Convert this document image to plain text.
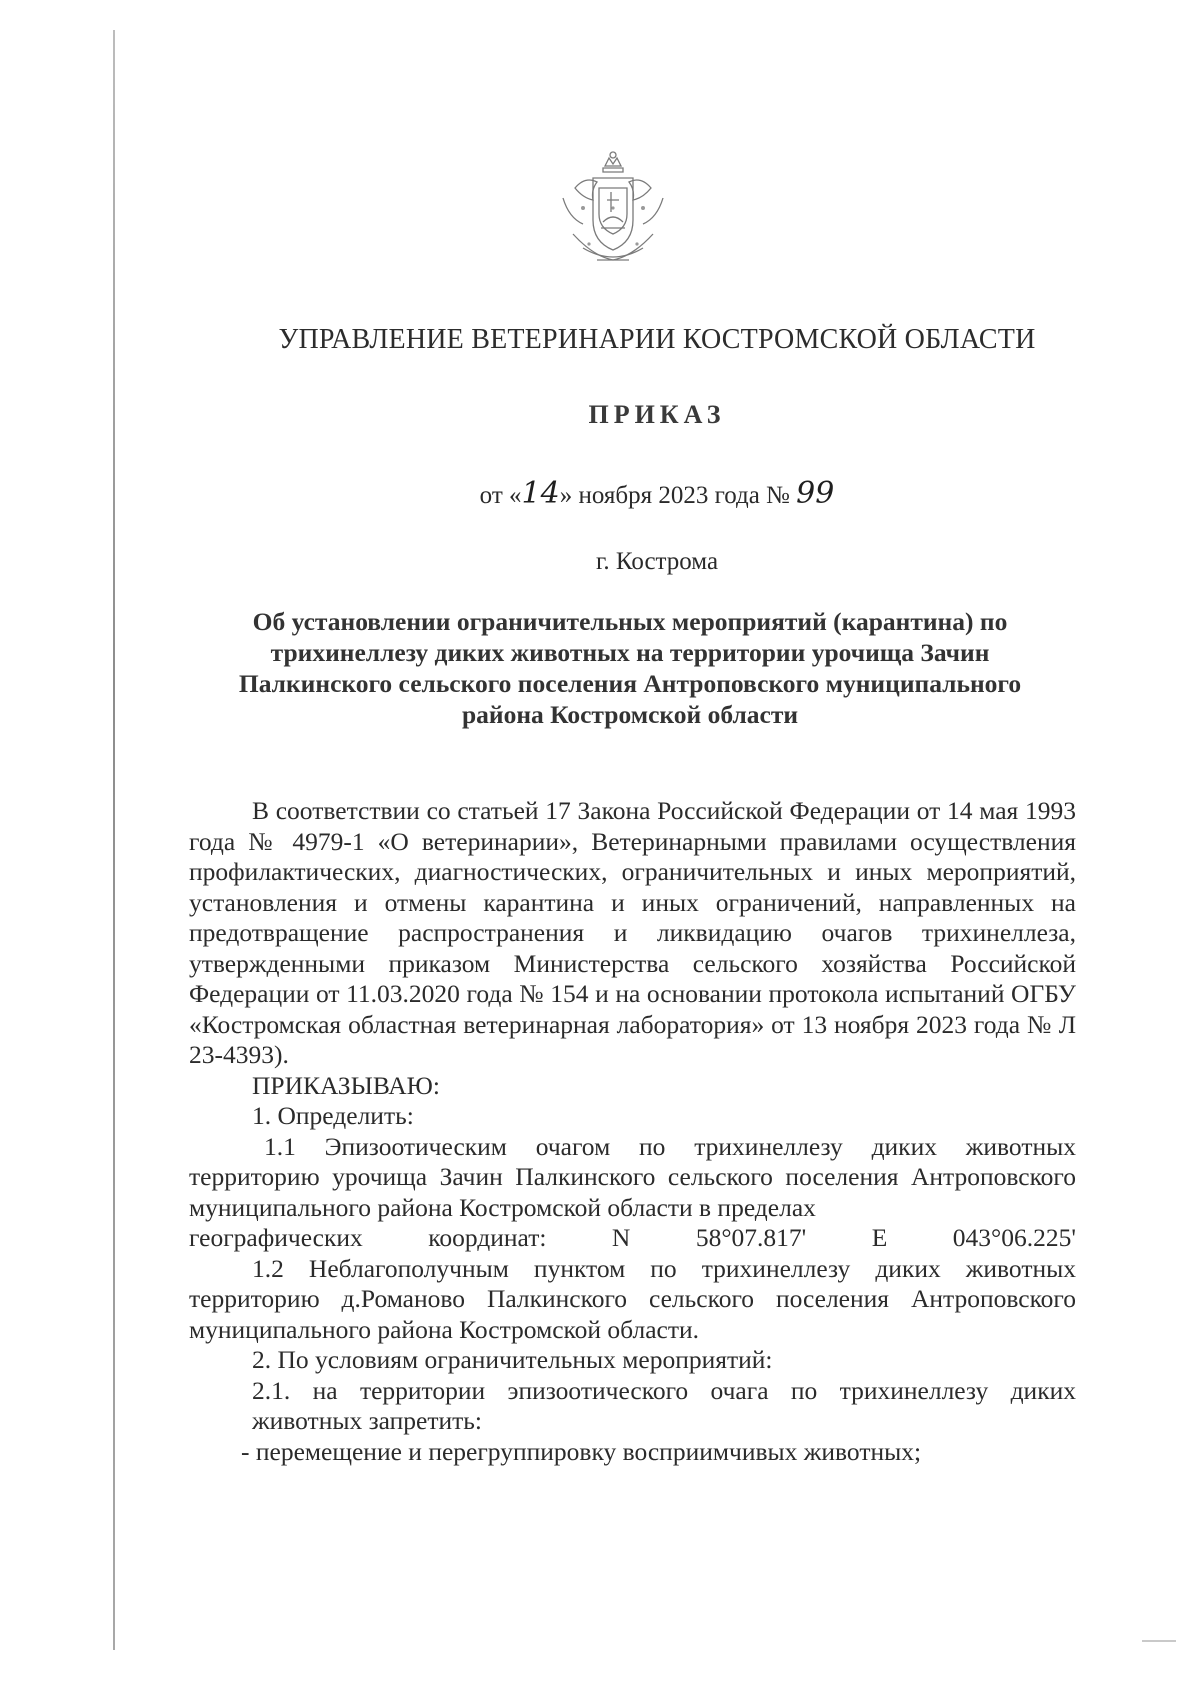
УПРАВЛЕНИЕ ВЕТЕРИНАРИИ КОСТРОМСКОЙ ОБЛАСТИ
ПРИКАЗ
от «14» ноября 2023 года № 99
г. Кострома
Об установлении ограничительных мероприятий (карантина) по
трихинеллезу диких животных на территории урочища Зачин
Палкинского сельского поселения Антроповского муниципального
района Костромской области

В соответствии со статьей 17 Закона Российской Федерации от 14 мая 1993 года № 4979-1 «О ветеринарии», Ветеринарными правилами осуществления профилактических, диагностических, ограничительных и иных мероприятий, установления и отмены карантина и иных ограничений, направленных на предотвращение распространения и ликвидацию очагов трихинеллеза, утвержденными приказом Министерства сельского хозяйства Российской Федерации от 11.03.2020 года № 154 и на основании протокола испытаний ОГБУ «Костромская областная ветеринарная лаборатория» от 13 ноября 2023 года № Л 23-4393).

ПРИКАЗЫВАЮ:

1. Определить:

1.1 Эпизоотическим очагом по трихинеллезу диких животных территорию урочища Зачин Палкинского сельского поселения Антроповского муниципального района Костромской области в пределах

географических	координат:	N	58°07.817'	E	043°06.225'

1.2 Неблагополучным пунктом по трихинеллезу диких животных территорию д.Романово Палкинского сельского поселения Антроповского муниципального района Костромской области.

2. По условиям ограничительных мероприятий:

2.1. на территории эпизоотического очага по трихинеллезу диких животных запретить:

- перемещение и перегруппировку восприимчивых животных;
